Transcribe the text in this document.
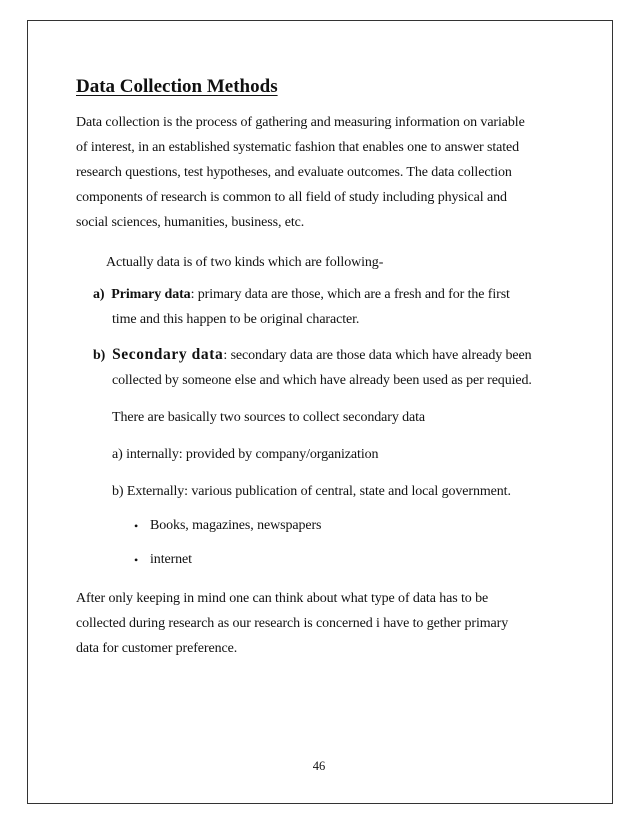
Data Collection Methods
Data collection is the process of gathering and measuring information on variable
of interest, in an established systematic fashion that enables one to answer stated
research questions, test hypotheses, and evaluate outcomes. The data collection
components of research is common to all field of study including physical and
social sciences, humanities, business, etc.
Actually data is of two kinds which are following-
a) Primary data: primary data are those, which are a fresh and for the first
time and this happen to be original character.
b) Secondary data: secondary data are those data which have already been
collected by someone else and which have already been used as per requied.
There are basically two sources to collect secondary data
a) internally: provided by company/organization
b) Externally: various publication of central, state and local government.
• Books, magazines, newspapers
• internet
After only keeping in mind one can think about what type of data has to be
collected during research as our research is concerned i have to gether primary
data for customer preference.
46
